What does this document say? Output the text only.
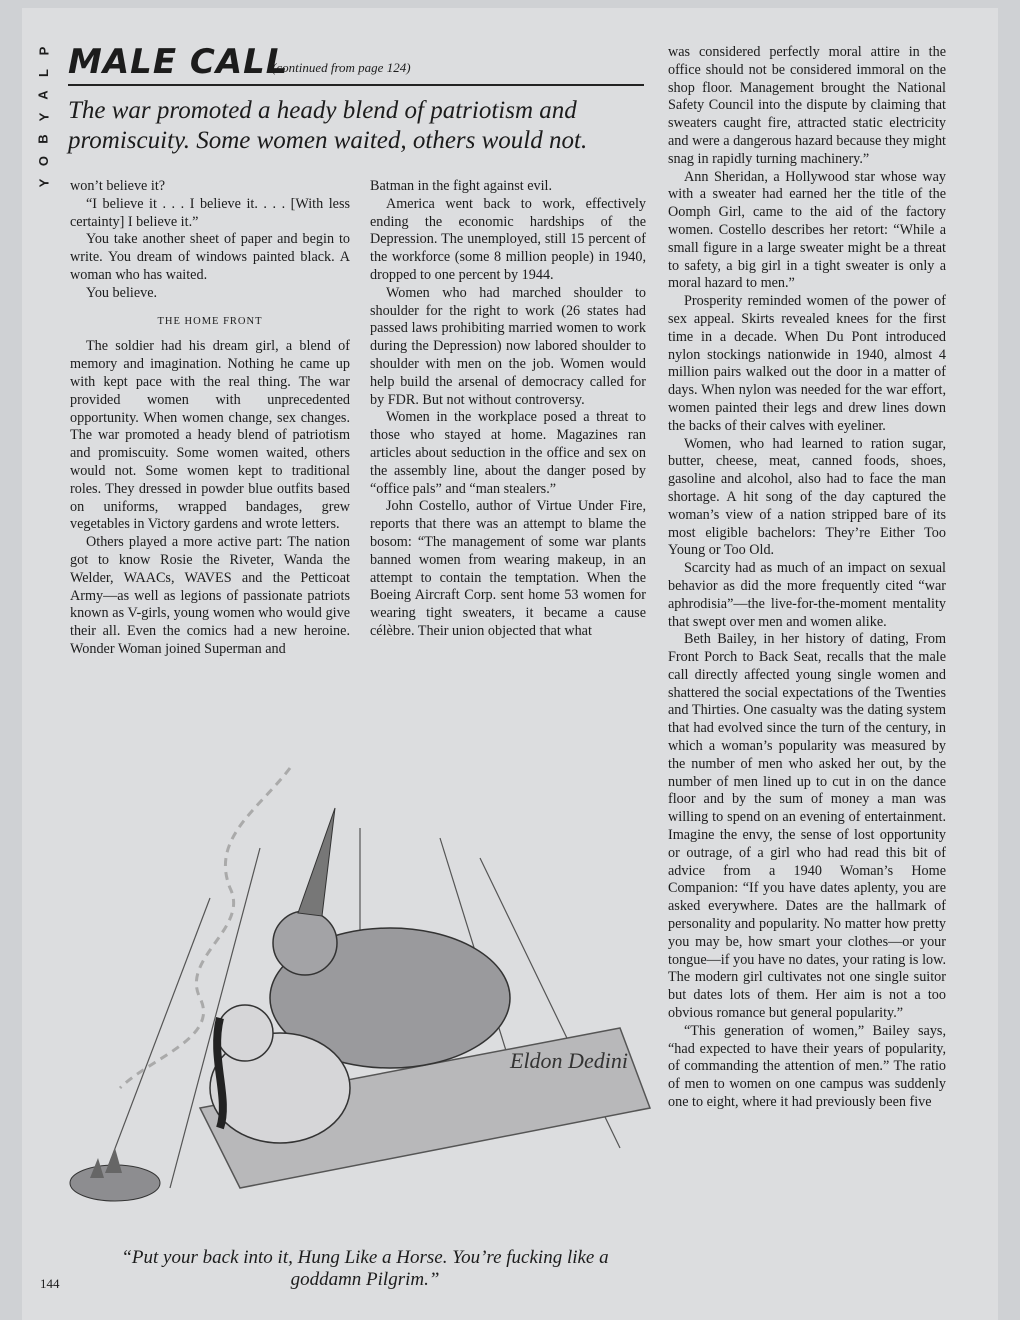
P
L
A
Y
B
O
Y
MALE CALL
(continued from page 124)
The war promoted a heady blend of patriotism and promiscuity. Some women waited, others would not.

won’t believe it?

“I believe it . . . I believe it. . . . [With less certainty] I believe it.”

You take another sheet of paper and begin to write. You dream of windows painted black. A woman who has waited.

You believe.

THE HOME FRONT

The soldier had his dream girl, a blend of memory and imagination. Nothing he came up with kept pace with the real thing. The war provided women with unprecedented opportunity. When women change, sex changes. The war promoted a heady blend of patriotism and promiscuity. Some women waited, others would not. Some women kept to traditional roles. They dressed in powder blue outfits based on uniforms, wrapped bandages, grew vegetables in Victory gardens and wrote letters.

Others played a more active part: The nation got to know Rosie the Riveter, Wanda the Welder, WAACs, WAVES and the Petticoat Army—as well as legions of passionate patriots known as V-girls, young women who would give their all. Even the comics had a new heroine. Wonder Woman joined Superman and

Batman in the fight against evil.

America went back to work, effectively ending the economic hardships of the Depression. The unemployed, still 15 percent of the workforce (some 8 million people) in 1940, dropped to one percent by 1944.

Women who had marched shoulder to shoulder for the right to work (26 states had passed laws prohibiting married women to work during the Depression) now labored shoulder to shoulder with men on the job. Women would help build the arsenal of democracy called for by FDR. But not without controversy.

Women in the workplace posed a threat to those who stayed at home. Magazines ran articles about seduction in the office and sex on the assembly line, about the danger posed by “office pals” and “man stealers.”

John Costello, author of Virtue Under Fire, reports that there was an attempt to blame the bosom: “The management of some war plants banned women from wearing makeup, in an attempt to contain the temptation. When the Boeing Aircraft Corp. sent home 53 women for wearing tight sweaters, it became a cause célèbre. Their union objected that what

was considered perfectly moral attire in the office should not be considered immoral on the shop floor. Management brought the National Safety Council into the dispute by claiming that sweaters caught fire, attracted static electricity and were a dangerous hazard because they might snag in rapidly turning machinery.”

Ann Sheridan, a Hollywood star whose way with a sweater had earned her the title of the Oomph Girl, came to the aid of the factory women. Costello describes her retort: “While a small figure in a large sweater might be a threat to safety, a big girl in a tight sweater is only a moral hazard to men.”

Prosperity reminded women of the power of sex appeal. Skirts revealed knees for the first time in a decade. When Du Pont introduced nylon stockings nationwide in 1940, almost 4 million pairs walked out the door in a matter of days. When nylon was needed for the war effort, women painted their legs and drew lines down the backs of their calves with eyeliner.

Women, who had learned to ration sugar, butter, cheese, meat, canned foods, shoes, gasoline and alcohol, also had to face the man shortage. A hit song of the day captured the woman’s view of a nation stripped bare of its most eligible bachelors: They’re Either Too Young or Too Old.

Scarcity had as much of an impact on sexual behavior as did the more frequently cited “war aphrodisia”—the live-for-the-moment mentality that swept over men and women alike.

Beth Bailey, in her history of dating, From Front Porch to Back Seat, recalls that the male call directly affected young single women and shattered the social expectations of the Twenties and Thirties. One casualty was the dating system that had evolved since the turn of the century, in which a woman’s popularity was measured by the number of men who asked her out, by the number of men lined up to cut in on the dance floor and by the sum of money a man was willing to spend on an evening of entertainment. Imagine the envy, the sense of lost opportunity or outrage, of a girl who had read this bit of advice from a 1940 Woman’s Home Companion: “If you have dates aplenty, you are asked everywhere. Dates are the hallmark of personality and popularity. No matter how pretty you may be, how smart your clothes—or your tongue—if you have no dates, your rating is low. The modern girl cultivates not one single suitor but dates lots of them. Her aim is not a too obvious romance but general popularity.”

“This generation of women,” Bailey says, “had expected to have their years of popularity, of commanding the attention of men.” The ratio of men to women on one campus was suddenly one to eight, where it had previously been five

Eldon Dedini
“Put your back into it, Hung Like a Horse. You’re fucking like a goddamn Pilgrim.”
144
